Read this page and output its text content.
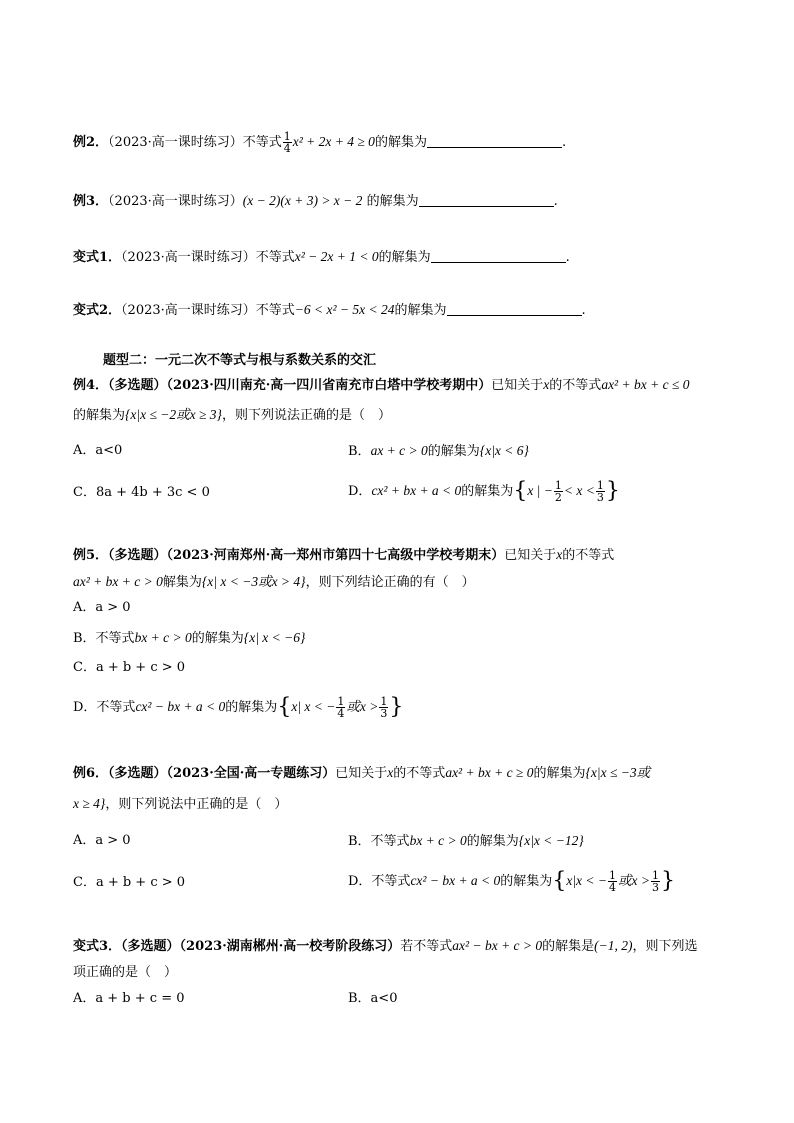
例2．（2023·高一课时练习）不等式 $\frac{1}{4} x^2 + 2x + 4 \ge 0$的解集为	.
例3．（2023·高一课时练习）(x − 2)(x + 3) > x − 2 的解集为	.
变式1．（2023·高一课时练习）不等式x² − 2x + 1 < 0的解集为	.
变式2．（2023·高一课时练习）不等式−6 < x² − 5x < 24的解集为	.
题型二：一元二次不等式与根与系数关系的交汇
例4．（多选题）（2023·四川南充·高一四川省南充市白塔中学校考期中）已知关于x的不等式ax² + bx + c ≤ 0
的解集为{x|x ≤ −2或x ≥ 3}，则下列说法正确的是（　）
A．a<0	B．ax + c > 0的解集为{x|x < 6}
C．8a + 4b + 3c < 0	D．cx² + bx + a < 0的解集为{x | − $\frac{1}{2} < x < \frac{1}{3}$ }
例5．（多选题）（2023·河南郑州·高一郑州市第四十七高级中学校考期末）已知关于x的不等式
ax² + bx + c > 0解集为{x| x < −3或x > 4}，则下列结论正确的有（　）
A．a > 0
B．不等式bx + c > 0的解集为{x| x < −6}
C．a + b + c > 0
D．不等式cx² − bx + a < 0的解集为{x| x < − $\frac{1}{4}$ 或$x > \frac{1}{3}$ }
例6．（多选题）（2023·全国·高一专题练习）已知关于x的不等式ax² + bx + c ≥ 0的解集为{x|x ≤ −3或
x ≥ 4}，则下列说法中正确的是（　）
A．a > 0	B．不等式bx + c > 0的解集为{x|x < −12}
C．a + b + c > 0	D．不等式cx² − bx + a < 0的解集为{x|x < − $\frac{1}{4}$ 或$x > \frac{1}{3}$ }
变式3．（多选题）（2023·湖南郴州·高一校考阶段练习）若不等式ax² − bx + c > 0的解集是(−1, 2)，则下列选
项正确的是（　）
A．a + b + c = 0	B．a<0
